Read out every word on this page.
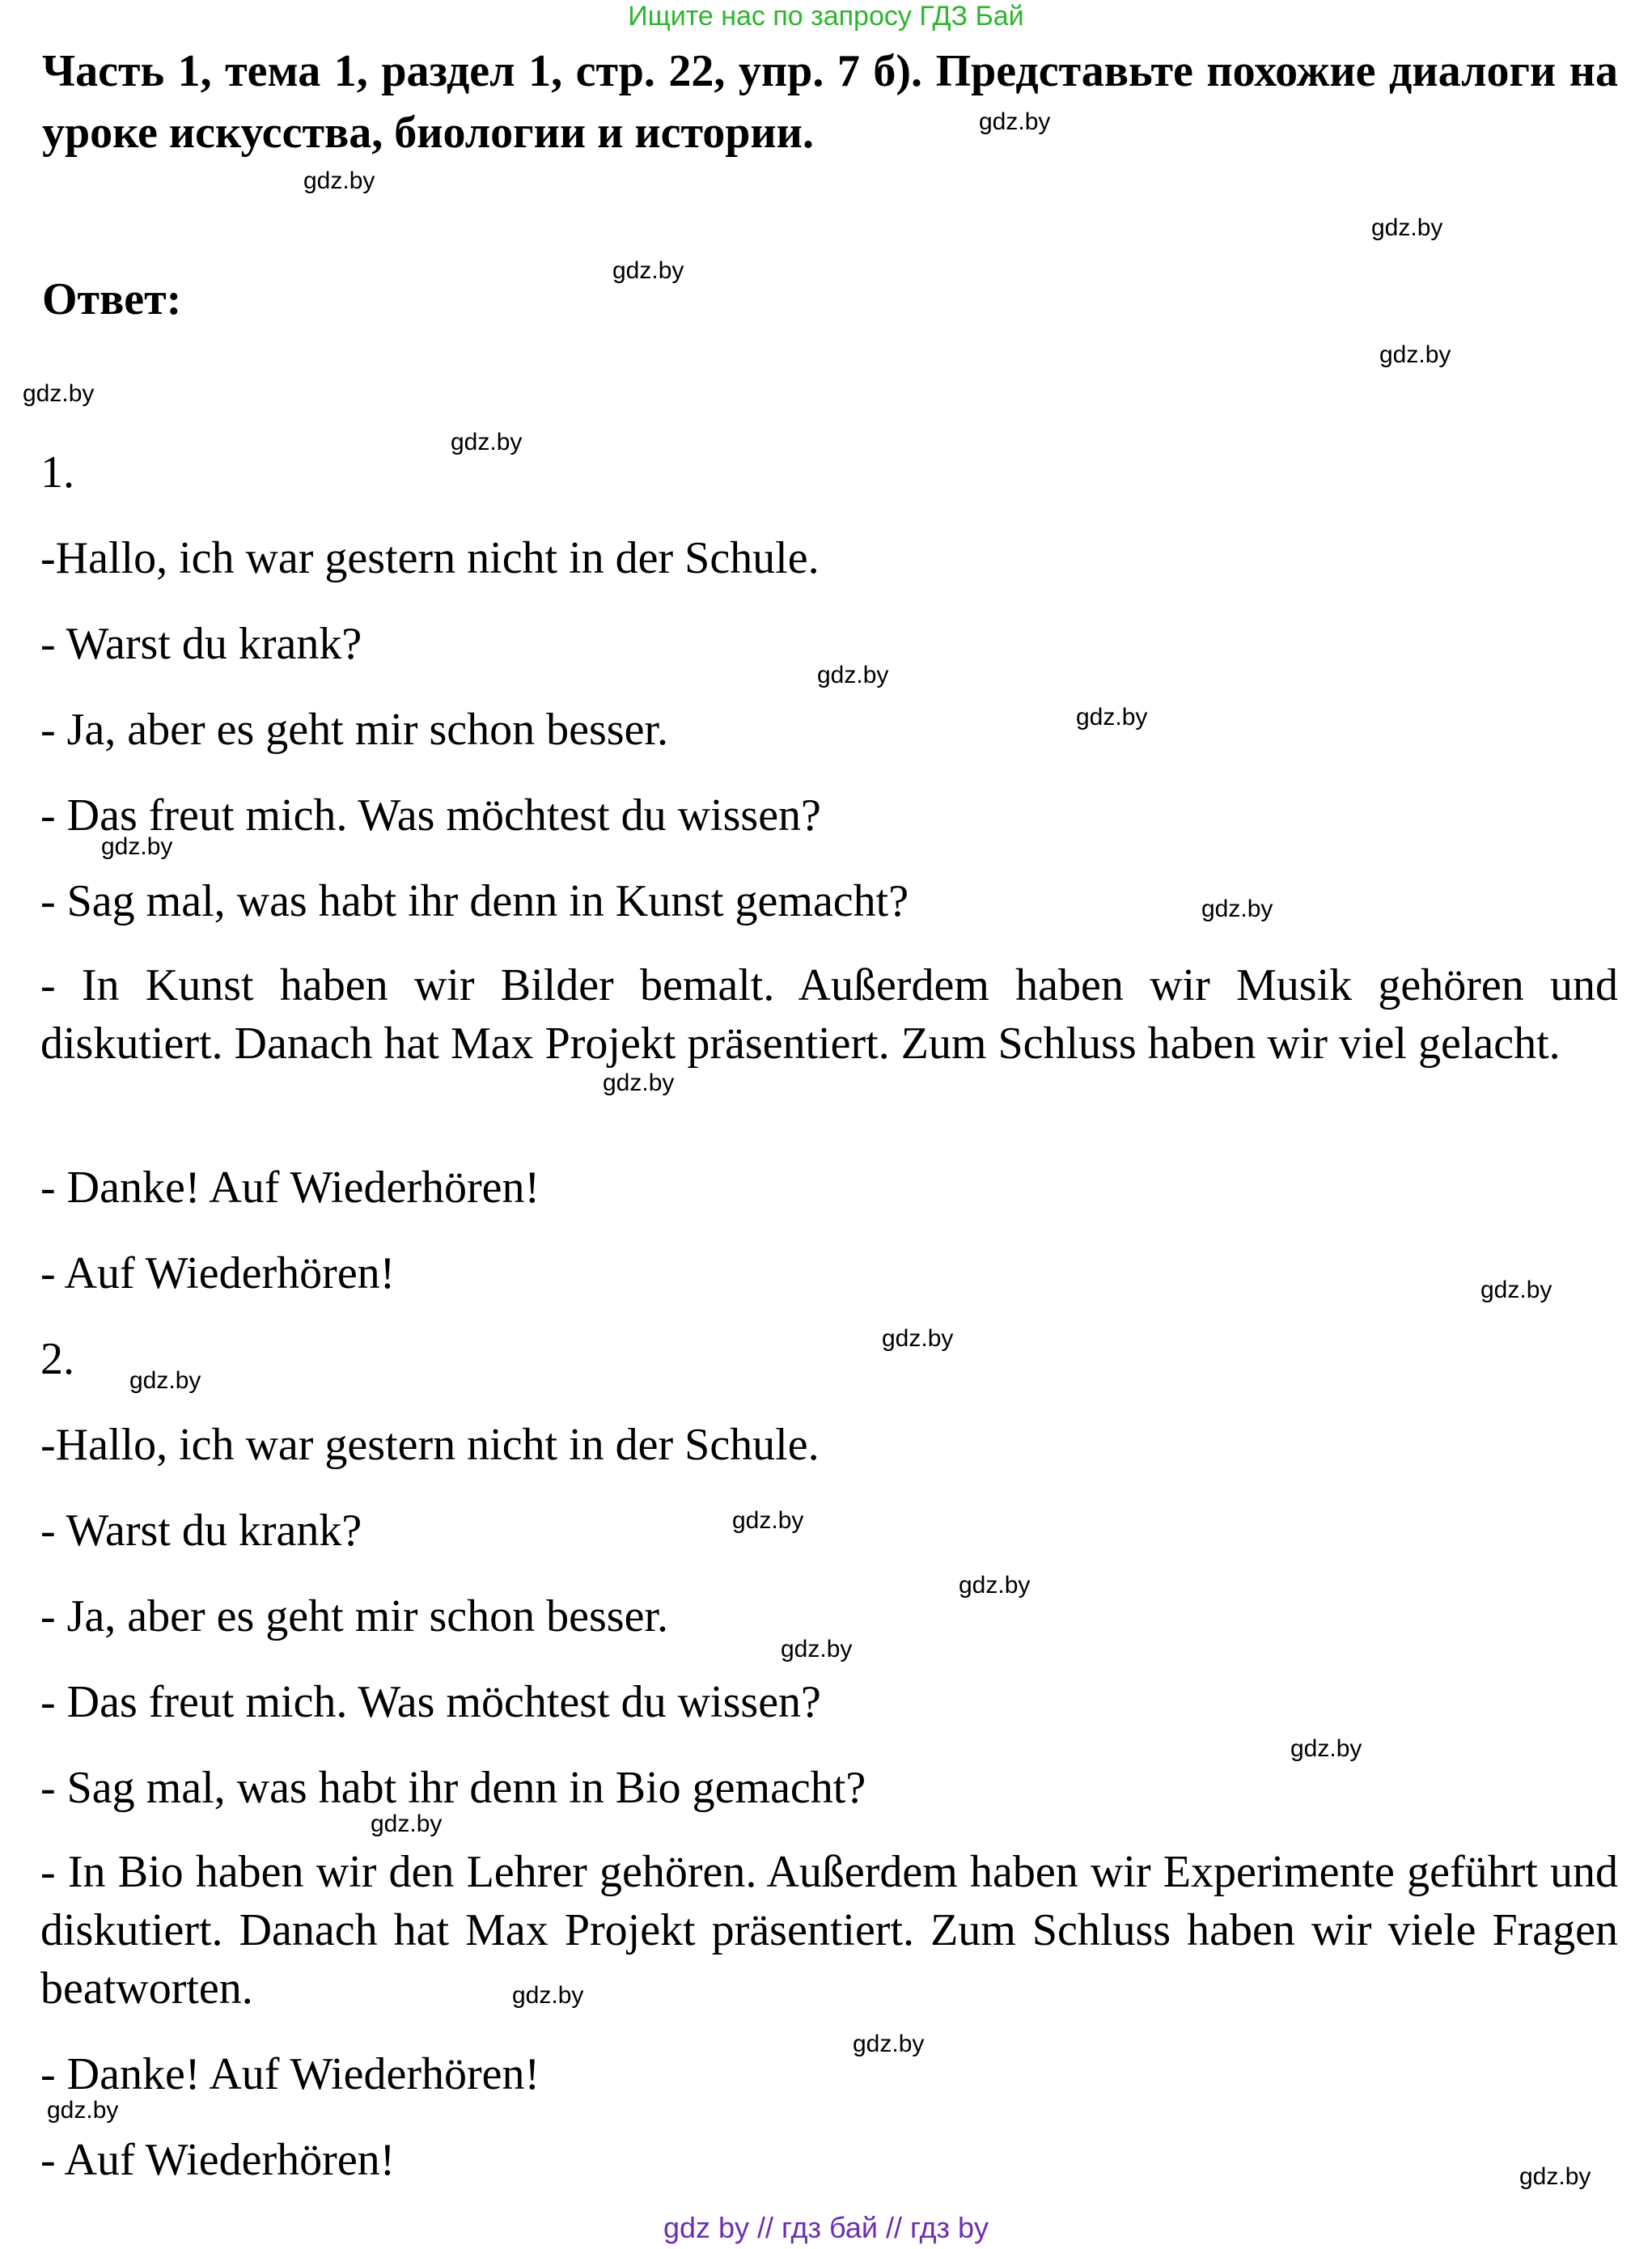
Ищите нас по запросу ГДЗ Бай
Часть 1, тема 1, раздел 1, стр. 22, упр. 7 б). Представьте похожие диалоги на уроке искусства, биологии и истории.
Ответ:
1.
-Hallo, ich war gestern nicht in der Schule.
- Warst du krank?
- Ja, aber es geht mir schon besser.
- Das freut mich. Was möchtest du wissen?
- Sag mal, was habt ihr denn in Kunst gemacht?
- In Kunst haben wir Bilder bemalt. Außerdem haben wir Musik gehören und diskutiert. Danach hat Max Projekt präsentiert. Zum Schluss haben wir viel gelacht.
- Danke! Auf Wiederhören!
- Auf Wiederhören!
2.
-Hallo, ich war gestern nicht in der Schule.
- Warst du krank?
- Ja, aber es geht mir schon besser.
- Das freut mich. Was möchtest du wissen?
- Sag mal, was habt ihr denn in Bio gemacht?
- In Bio haben wir den Lehrer gehören. Außerdem haben wir Experimente geführt und diskutiert. Danach hat Max Projekt präsentiert. Zum Schluss haben wir viele Fragen beatworten.
- Danke! Auf Wiederhören!
- Auf Wiederhören!
gdz.by
gdz.by
gdz.by
gdz.by
gdz.by
gdz.by
gdz.by
gdz.by
gdz.by
gdz.by
gdz.by
gdz.by
gdz.by
gdz.by
gdz.by
gdz.by
gdz.by
gdz.by
gdz.by
gdz.by
gdz.by
gdz.by
gdz.by
gdz.by
gdz by // гдз бай // гдз by
